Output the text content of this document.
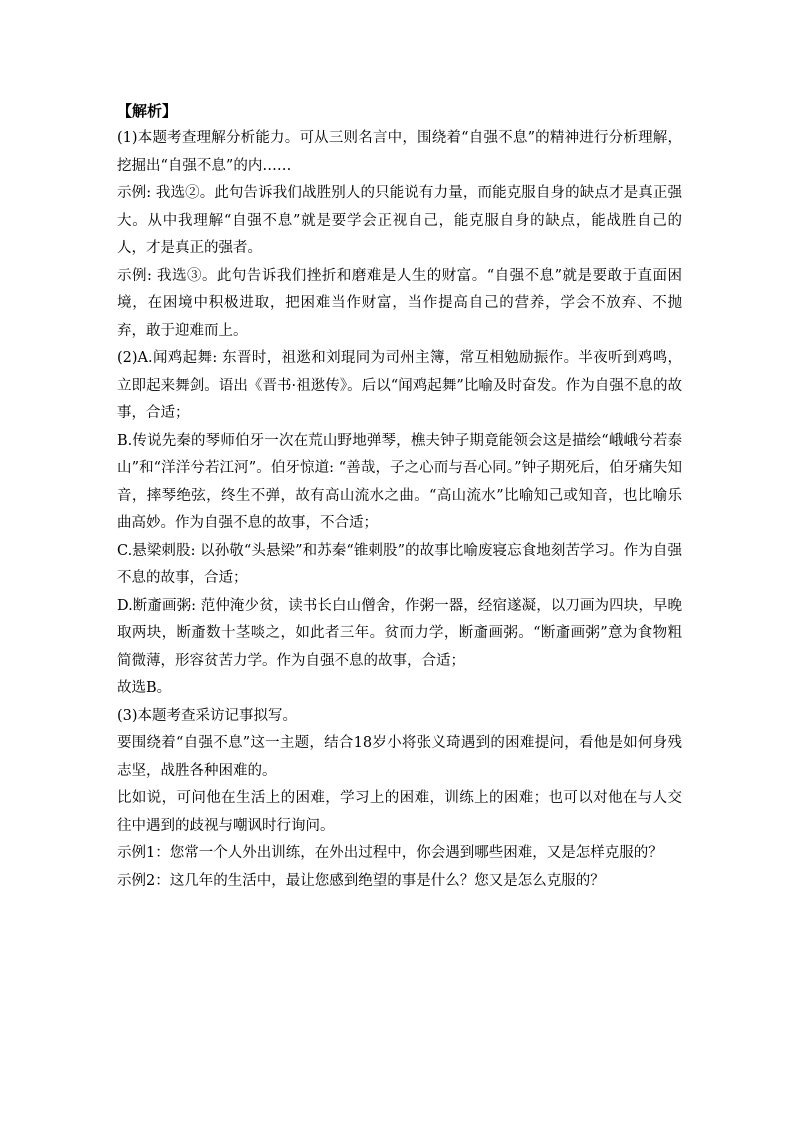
【解析】

(1)本题考查理解分析能力。可从三则名言中，围绕着“自强不息”的精神进行分析理解，挖掘出“自强不息”的内……

示例: 我选②。此句告诉我们战胜别人的只能说有力量，而能克服自身的缺点才是真正强大。从中我理解“自强不息”就是要学会正视自己，能克服自身的缺点，能战胜自己的人，才是真正的强者。

示例: 我选③。此句告诉我们挫折和磨难是人生的财富。“自强不息”就是要敢于直面困境，在困境中积极进取，把困难当作财富，当作提高自己的营养，学会不放弃、不抛弃，敢于迎难而上。

(2)A.闻鸡起舞: 东晋时，祖逖和刘琨同为司州主簿，常互相勉励振作。半夜听到鸡鸣，立即起来舞剑。语出《晋书·祖逖传》。后以“闻鸡起舞”比喻及时奋发。作为自强不息的故事，合适；

B.传说先秦的琴师伯牙一次在荒山野地弹琴，樵夫钟子期竟能领会这是描绘“峨峨兮若泰山”和“洋洋兮若江河”。伯牙惊道: “善哉，子之心而与吾心同。”钟子期死后，伯牙痛失知音，摔琴绝弦，终生不弹，故有高山流水之曲。“高山流水”比喻知己或知音，也比喻乐曲高妙。作为自强不息的故事，不合适；

C.悬梁刺股: 以孙敬“头悬梁”和苏秦“锥刺股”的故事比喻废寝忘食地刻苦学习。作为自强不息的故事，合适；

D.断齑画粥: 范仲淹少贫，读书长白山僧舍，作粥一器，经宿遂凝，以刀画为四块，早晚取两块，断齑数十茎啖之，如此者三年。贫而力学，断齑画粥。“断齑画粥”意为食物粗简微薄，形容贫苦力学。作为自强不息的故事，合适；

故选B。

(3)本题考查采访记事拟写。

要围绕着“自强不息”这一主题，结合18岁小将张义琦遇到的困难提问，看他是如何身残志坚，战胜各种困难的。

比如说，可问他在生活上的困难，学习上的困难，训练上的困难；也可以对他在与人交往中遇到的歧视与嘲讽时行询问。

示例1：您常一个人外出训练，在外出过程中，你会遇到哪些困难，又是怎样克服的？

示例2：这几年的生活中，最让您感到绝望的事是什么？您又是怎么克服的？
